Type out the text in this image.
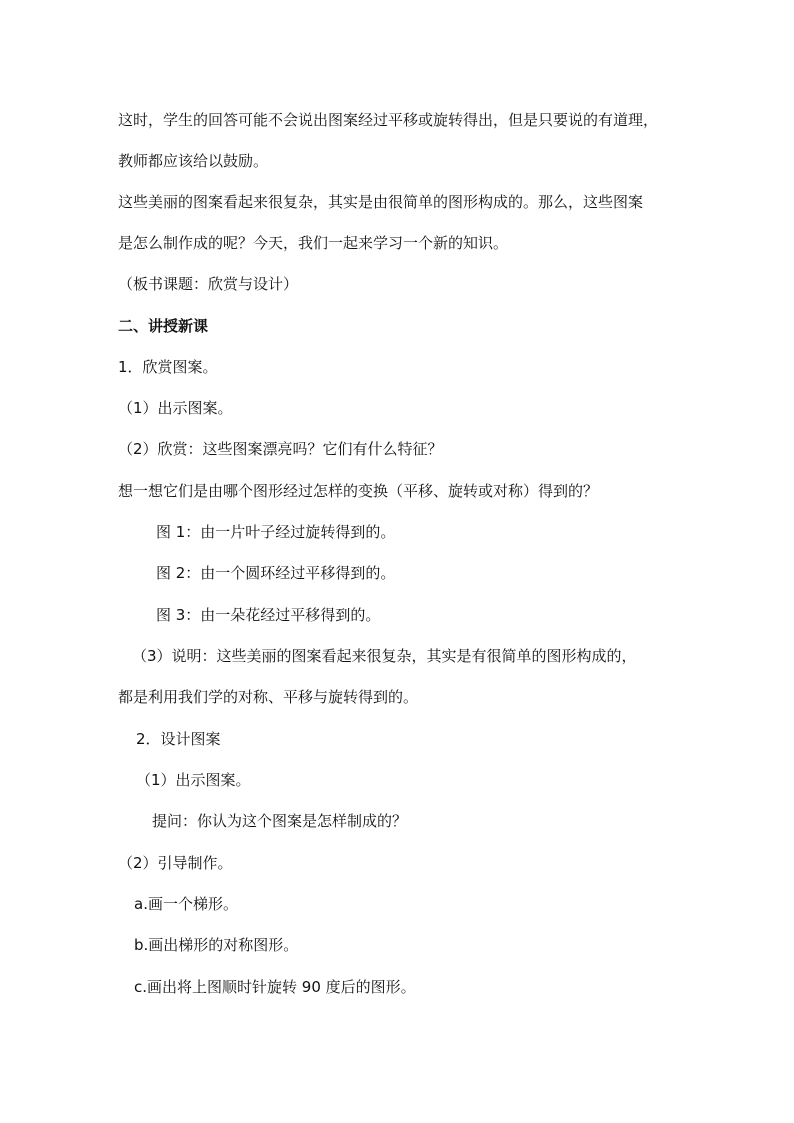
这时，学生的回答可能不会说出图案经过平移或旋转得出，但是只要说的有道理，
教师都应该给以鼓励。
这些美丽的图案看起来很复杂，其实是由很简单的图形构成的。那么，这些图案
是怎么制作成的呢？今天，我们一起来学习一个新的知识。
（板书课题：欣赏与设计）
二、讲授新课
1．欣赏图案。
（1）出示图案。
（2）欣赏：这些图案漂亮吗？它们有什么特征？
想一想它们是由哪个图形经过怎样的变换（平移、旋转或对称）得到的？
图 1：由一片叶子经过旋转得到的。
图 2：由一个圆环经过平移得到的。
图 3：由一朵花经过平移得到的。
（3）说明：这些美丽的图案看起来很复杂，其实是有很简单的图形构成的，
都是利用我们学的对称、平移与旋转得到的。
2．设计图案
（1）出示图案。
提问：你认为这个图案是怎样制成的？
（2）引导制作。
a.画一个梯形。
b.画出梯形的对称图形。
c.画出将上图顺时针旋转 90 度后的图形。
